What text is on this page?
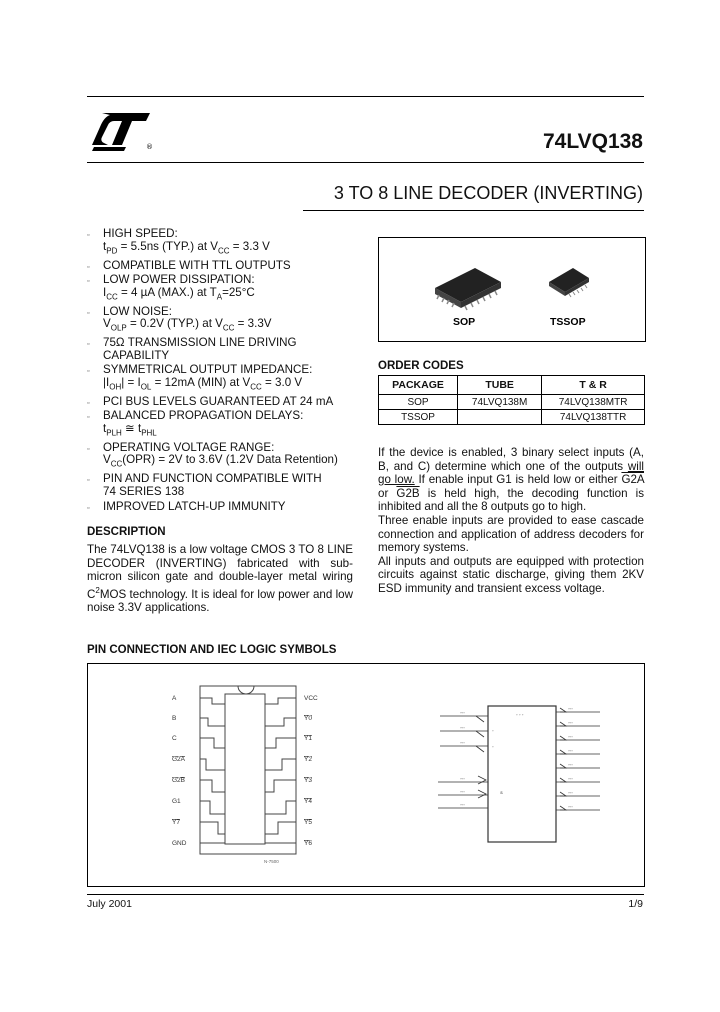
®	74LVQ138
3 TO 8 LINE DECODER (INVERTING)
▫ HIGH SPEED:
$t_{PD} = 5.5ns$ (TYP.) at $V_{CC} = 3.3$ V
▫ COMPATIBLE WITH TTL OUTPUTS
▫ LOW POWER DISSIPATION:
$I_{CC} = 4$ µA (MAX.) at $T_A=25^\circ C$
▫ LOW NOISE:
$V_{OLP} = 0.2V$ (TYP.) at $V_{CC} = 3.3V$
▫ 75Ω TRANSMISSION LINE DRIVING
CAPABILITY
▫ SYMMETRICAL OUTPUT IMPEDANCE:
$|I_{OH}| = I_{OL} = 12mA$ (MIN) at $V_{CC} = 3.0$ V
▫ PCI BUS LEVELS GUARANTEED AT 24 mA
▫ BALANCED PROPAGATION DELAYS:
$t_{PLH}$ ≅ $t_{PHL}$
▫ OPERATING VOLTAGE RANGE:
$V_{CC}(OPR) = 2V$ to 3.6V (1.2V Data Retention)
▫ PIN AND FUNCTION COMPATIBLE WITH
74 SERIES 138
▫ IMPROVED LATCH-UP IMMUNITY
SOP	TSSOP
ORDER CODES
PACKAGE	TUBE	T & R
SOP	74LVQ138M	74LVQ138MTR
TSSOP		74LVQ138TTR

If the device is enabled, 3 binary select inputs (A, B, and C) determine which one of the outputs will go low. If enable input G1 is held low or either G2A or G2B is held high, the decoding function is inhibited and all the 8 outputs go to high.

Three enable inputs are provided to ease cascade connection and application of address decoders for memory systems.

All inputs and outputs are equipped with protection circuits against static discharge, giving them 2KV ESD immunity and transient excess voltage.

DESCRIPTION
The 74LVQ138 is a low voltage CMOS 3 TO 8 LINE DECODER (INVERTING) fabricated with sub-micron silicon gate and double-layer metal wiring $C^2MOS$ technology. It is ideal for low power and low noise 3.3V applications.
PIN CONNECTION AND IEC LOGIC SYMBOLS
A
B
C
G2A
G2B
G1
Y7
GND
VCC
Y0
Y1
Y2
Y3
Y4
Y5
Y6
N-7500
▫▫▫
▫▫▫
▫▫▫
▫▫▫
▫▫▫
▫▫▫
▫▫▫
▫▫▫
▫▫▫
▫▫▫
▫▫▫
▫▫▫
▫▫▫
▫▫▫
▫ ▫ ▫
▫
▫
&
July 2001	1/9
